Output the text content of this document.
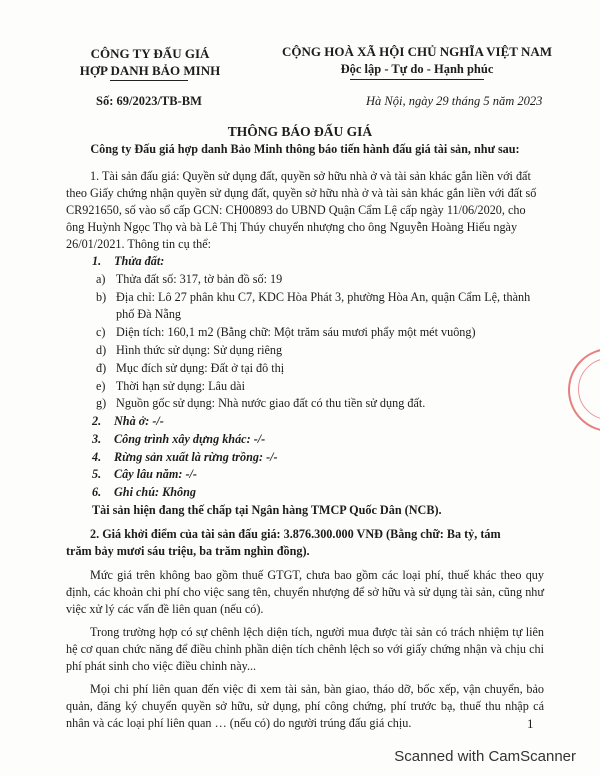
CÔNG TY ĐẤU GIÁ
HỢP DANH BẢO MINH
Số: 69/2023/TB-BM
CỘNG HOÀ XÃ HỘI CHỦ NGHĨA VIỆT NAM
Độc lập - Tự do - Hạnh phúc
Hà Nội, ngày 29 tháng 5 năm 2023
THÔNG BÁO ĐẤU GIÁ
Công ty Đấu giá hợp danh Bảo Minh thông báo tiến hành đấu giá tài sản, như sau:
1. Tài sản đấu giá: Quyền sử dụng đất, quyền sở hữu nhà ở và tài sản khác gắn liền với đất
theo Giấy chứng nhận quyền sử dụng đất, quyền sở hữu nhà ở và tài sản khác gắn liền với đất số
CR921650, số vào sổ cấp GCN: CH00893 do UBND Quận Cẩm Lệ cấp ngày 11/06/2020, cho
ông Huỳnh Ngọc Thọ và bà Lê Thị Thúy chuyển nhượng cho ông Nguyễn Hoàng Hiếu ngày
26/01/2021. Thông tin cụ thể:
1. Thửa đất:
a) Thửa đất số: 317, tờ bản đồ số: 19
b) Địa chỉ: Lô 27 phân khu C7, KDC Hòa Phát 3, phường Hòa An, quận Cẩm Lệ, thành
phố Đà Nẵng
c) Diện tích: 160,1 m2 (Bằng chữ: Một trăm sáu mươi phẩy một mét vuông)
d) Hình thức sử dụng: Sử dụng riêng
đ) Mục đích sử dụng: Đất ở tại đô thị
e) Thời hạn sử dụng: Lâu dài
g) Nguồn gốc sử dụng: Nhà nước giao đất có thu tiền sử dụng đất.
2. Nhà ở: -/-
3. Công trình xây dựng khác: -/-
4. Rừng sản xuất là rừng trồng: -/-
5. Cây lâu năm: -/-
6. Ghi chú: Không
Tài sản hiện đang thế chấp tại Ngân hàng TMCP Quốc Dân (NCB).
2. Giá khởi điểm của tài sản đấu giá: 3.876.300.000 VNĐ (Bằng chữ: Ba tỷ, tám
trăm bảy mươi sáu triệu, ba trăm nghìn đồng).
Mức giá trên không bao gồm thuế GTGT, chưa bao gồm các loại phí, thuế khác theo quy định, các khoản chi phí cho việc sang tên, chuyển nhượng để sở hữu và sử dụng tài sản, cũng như việc xử lý các vấn đề liên quan (nếu có).
Trong trường hợp có sự chênh lệch diện tích, người mua được tài sản có trách nhiệm tự liên hệ cơ quan chức năng để điều chỉnh phần diện tích chênh lệch so với giấy chứng nhận và chịu chi phí phát sinh cho việc điều chỉnh này...
Mọi chi phí liên quan đến việc đi xem tài sản, bàn giao, tháo dỡ, bốc xếp, vận chuyển, bảo quản, đăng ký chuyển quyền sở hữu, sử dụng, phí công chứng, phí trước bạ, thuế thu nhập cá nhân và các loại phí liên quan … (nếu có) do người trúng đấu giá chịu.	1
Scanned with CamScanner
